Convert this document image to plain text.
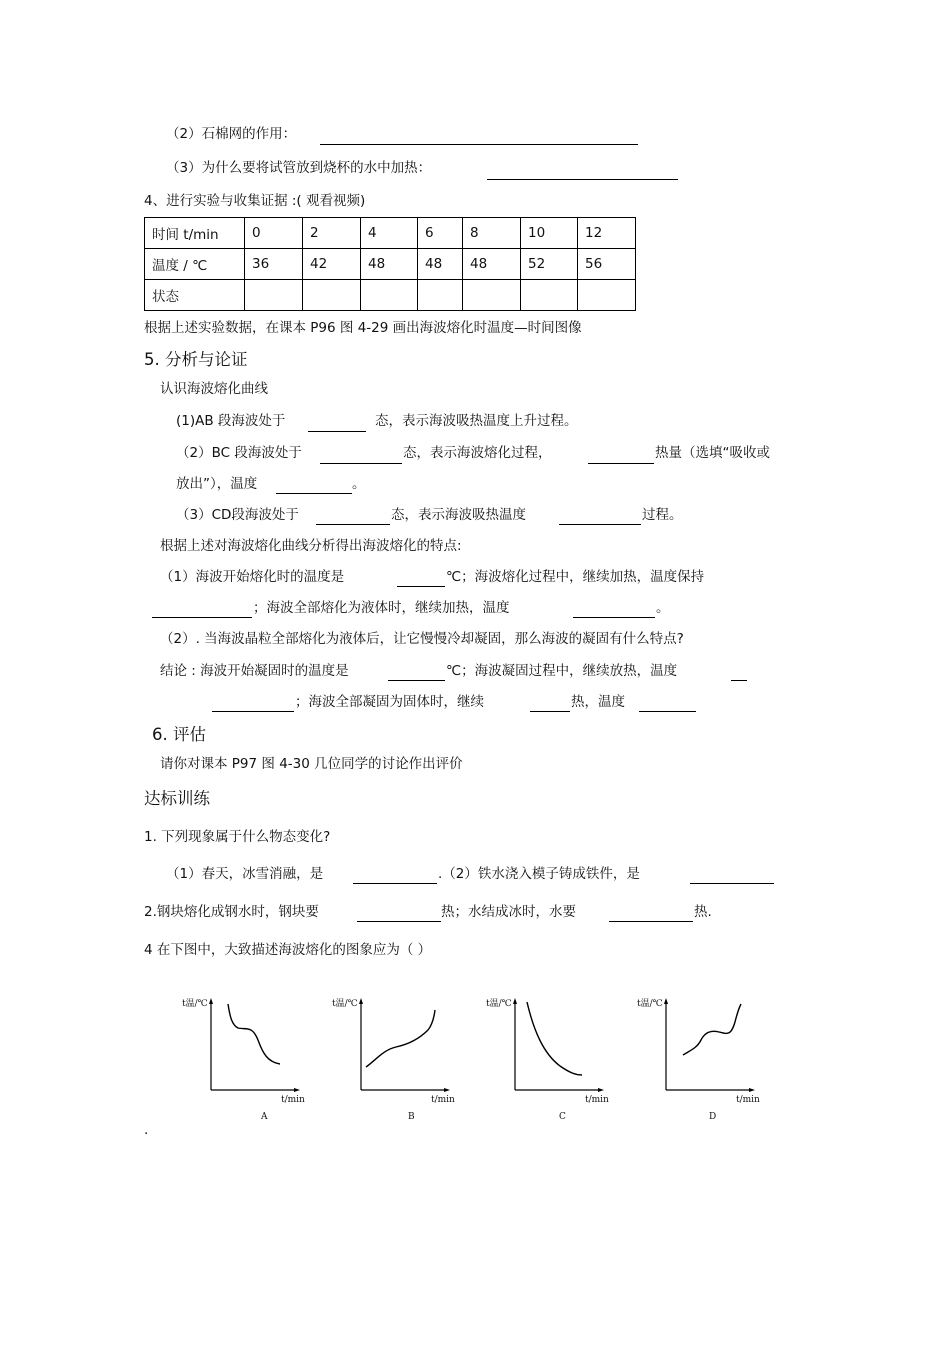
（2）石棉网的作用：
（3）为什么要将试管放到烧杯的水中加热：
4、进行实验与收集证据 :( 观看视频)
时间 t/min	0	2	4	6	8	10	12
温度 / ℃	36	42	48	48	48	52	56
状态							
根据上述实验数据，在课本 P96 图 4-29 画出海波熔化时温度—时间图像
5. 分析与论证
认识海波熔化曲线
(1)AB 段海波处于	态，表示海波吸热温度上升过程。
（2）BC 段海波处于	态，表示海波熔化过程，	热量（选填“吸收或
放出”），温度	。
（3）CD段海波处于	态，表示海波吸热温度	过程。
根据上述对海波熔化曲线分析得出海波熔化的特点:
（1）海波开始熔化时的温度是	℃；海波熔化过程中，继续加热，温度保持
；海波全部熔化为液体时，继续加热，温度	。
（2）. 当海波晶粒全部熔化为液体后，让它慢慢冷却凝固，那么海波的凝固有什么特点?
结论 : 海波开始凝固时的温度是	℃；海波凝固过程中，继续放热，温度
；海波全部凝固为固体时，继续	热，温度
6. 评估
请你对课本 P97 图 4-30 几位同学的讨论作出评价
达标训练
1. 下列现象属于什么物态变化?
（1）春天，冰雪消融，是	.（2）铁水浇入模子铸成铁件，是
2.钢块熔化成钢水时，钢块要	热；水结成冰时，水要	热.
4 在下图中，大致描述海波熔化的图象应为（ ）
t温/℃
t/min
A
t温/℃
t/min
B
t温/℃
t/min
C
t温/℃
t/min
D
.
